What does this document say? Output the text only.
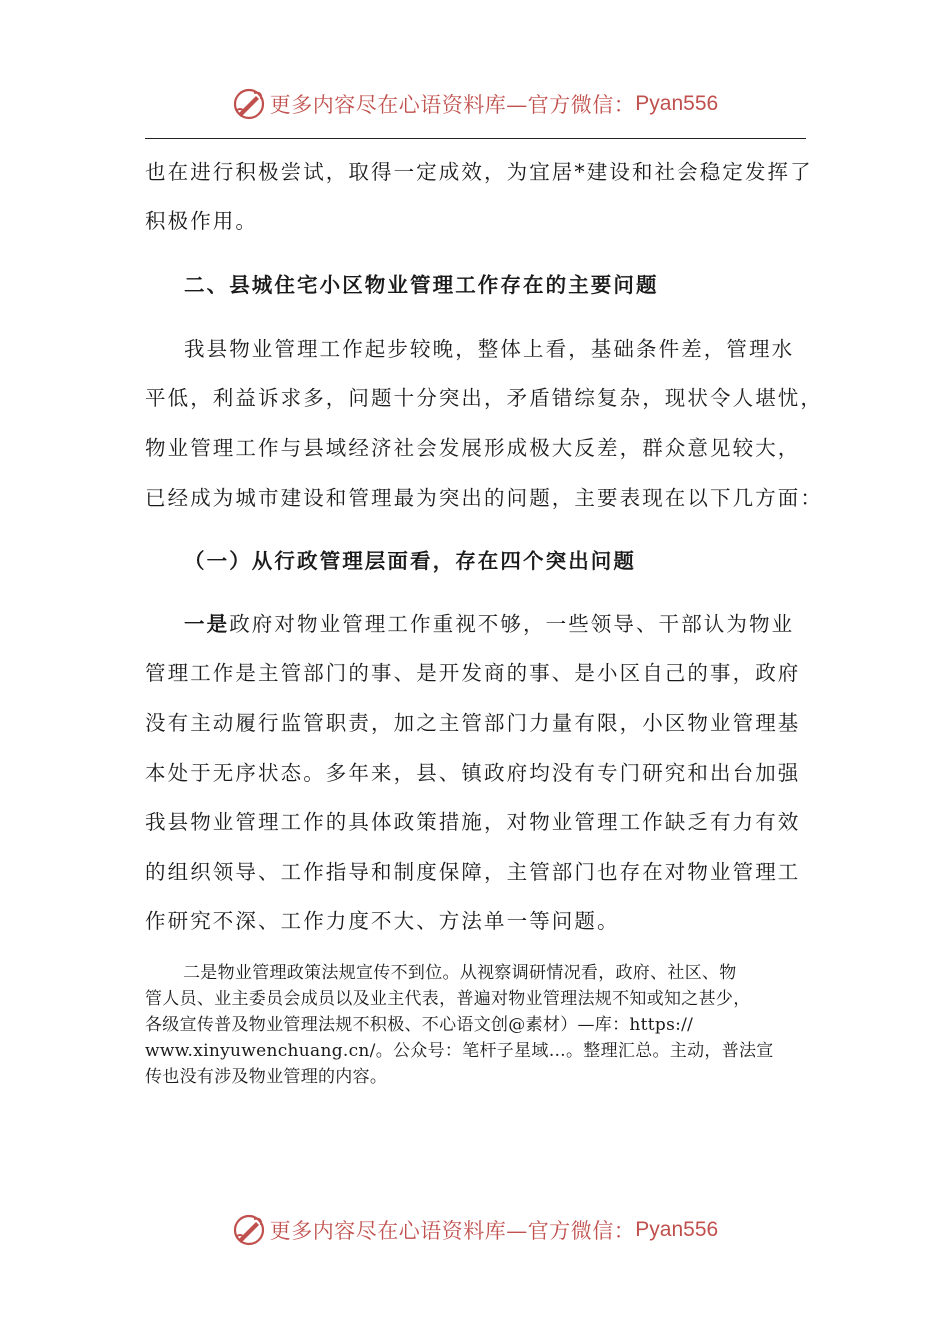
更多内容尽在心语资料库—官方微信： Pyan556
也在进行积极尝试，取得一定成效，为宜居*建设和社会稳定发挥了
积极作用。
二、县城住宅小区物业管理工作存在的主要问题
我县物业管理工作起步较晚，整体上看，基础条件差，管理水
平低，利益诉求多，问题十分突出，矛盾错综复杂，现状令人堪忧，
物业管理工作与县域经济社会发展形成极大反差，群众意见较大，
已经成为城市建设和管理最为突出的问题，主要表现在以下几方面：
（一）从行政管理层面看，存在四个突出问题
一是政府对物业管理工作重视不够，一些领导、干部认为物业
管理工作是主管部门的事、是开发商的事、是小区自己的事，政府
没有主动履行监管职责，加之主管部门力量有限，小区物业管理基
本处于无序状态。多年来，县、镇政府均没有专门研究和出台加强
我县物业管理工作的具体政策措施，对物业管理工作缺乏有力有效
的组织领导、工作指导和制度保障，主管部门也存在对物业管理工
作研究不深、工作力度不大、方法单一等问题。
二是物业管理政策法规宣传不到位。从视察调研情况看，政府、社区、物
管人员、业主委员会成员以及业主代表，普遍对物业管理法规不知或知之甚少，
各级宣传普及物业管理法规不积极、不心语文创@素材）—库：https://
www.xinyuwenchuang.cn/。公众号：笔杆子星域…。整理汇总。主动，普法宣
传也没有涉及物业管理的内容。
更多内容尽在心语资料库—官方微信： Pyan556
